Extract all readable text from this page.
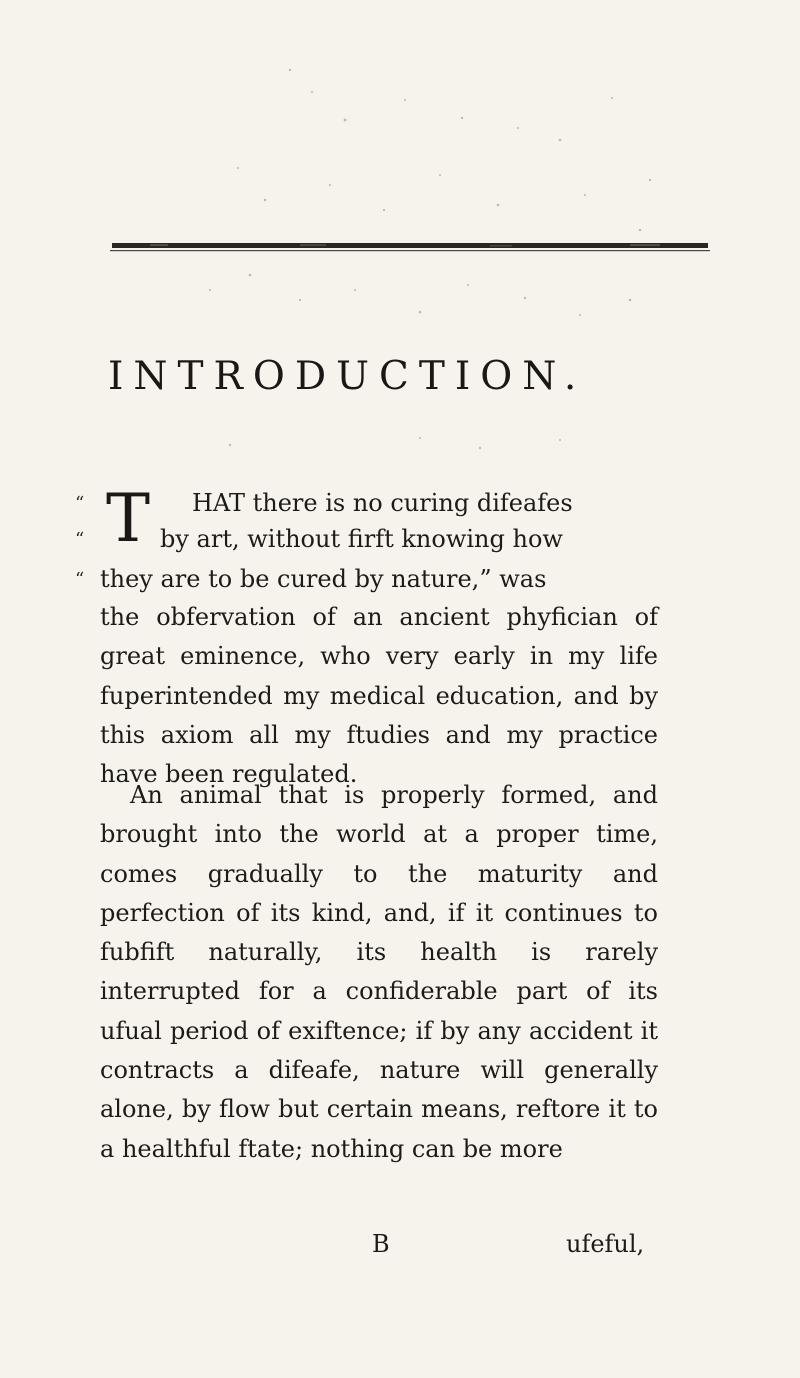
INTRODUCTION.
“
“
“
T HAT there is no curing difeafes
by art, without firft knowing how
they are to be cured by nature,” was

the obfervation of an ancient phyfician of great eminence, who very early in my life fuperintended my medical education, and by this axiom all my ftudies and my practice have been regulated.

An animal that is properly formed, and brought into the world at a proper time, comes gradually to the maturity and perfection of its kind, and, if it continues to fubfift naturally, its health is rarely interrupted for a confiderable part of its ufual period of exiftence; if by any accident it contracts a difeafe, nature will generally alone, by flow but certain means, reftore it to a healthful ftate; nothing can be more

B	ufeful,
